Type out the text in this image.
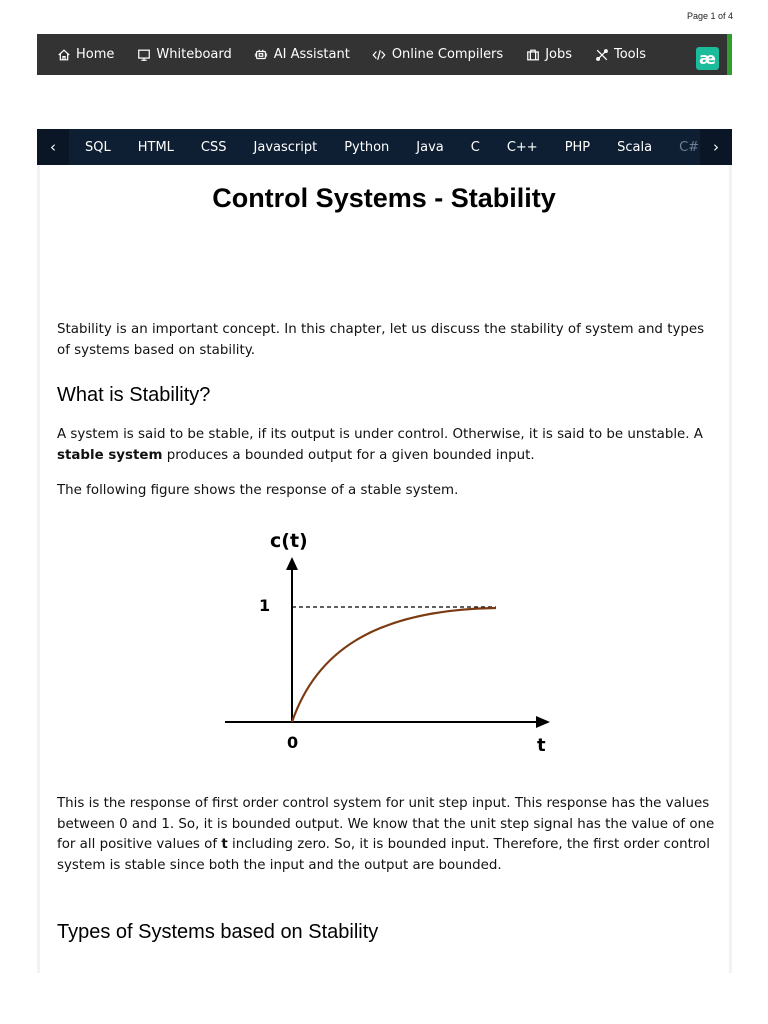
Page 1 of 4
Home	Whiteboard	AI Assistant	Online Compilers	Jobs	Tools	æ
‹	SQL HTML CSS Javascript Python Java C C++ PHP Scala C# ›
Control Systems - Stability

Stability is an important concept. In this chapter, let us discuss the stability of system and types of systems based on stability.

What is Stability?

A system is said to be stable, if its output is under control. Otherwise, it is said to be unstable. A stable system produces a bounded output for a given bounded input.

The following figure shows the response of a stable system.

c(t)
1
0	t

This is the response of first order control system for unit step input. This response has the values between 0 and 1. So, it is bounded output. We know that the unit step signal has the value of one for all positive values of t including zero. So, it is bounded input. Therefore, the first order control system is stable since both the input and the output are bounded.

Types of Systems based on Stability
